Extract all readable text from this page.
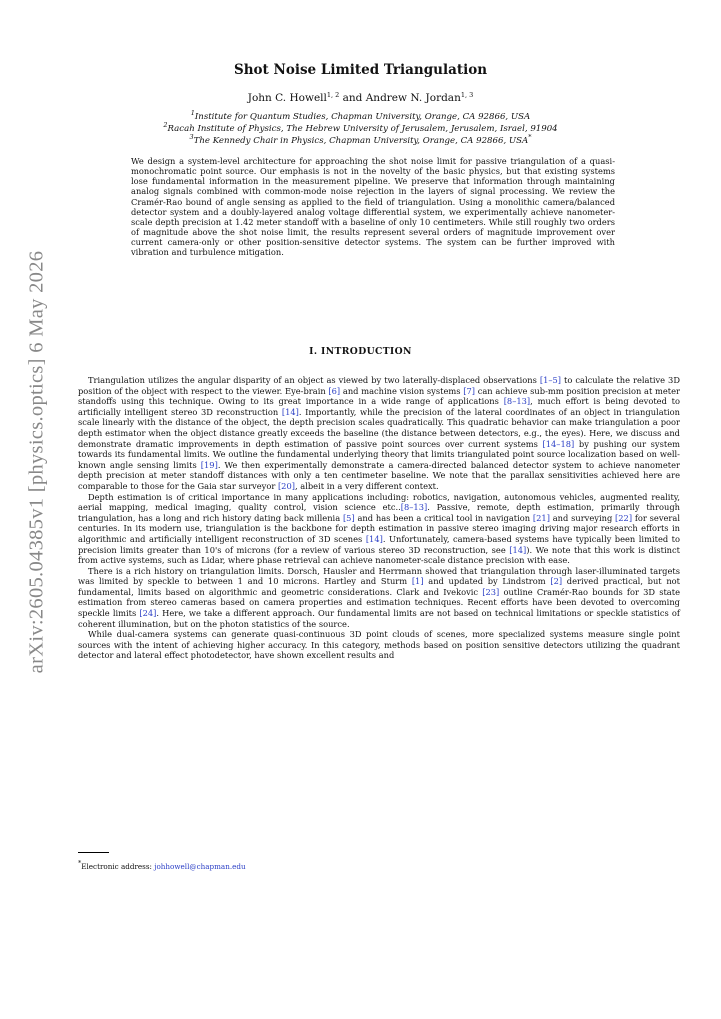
arXiv:2605.04385v1 [physics.optics] 6 May 2026
Shot Noise Limited Triangulation
John C. Howell$^{1, 2}$ and Andrew N. Jordan$^{1, 3}$
$^1$Institute for Quantum Studies, Chapman University, Orange, CA 92866, USA
$^2$Racah Institute of Physics, The Hebrew University of Jerusalem, Jerusalem, Israel, 91904
$^3$The Kennedy Chair in Physics, Chapman University, Orange, CA 92866, USA*
We design a system-level architecture for approaching the shot noise limit for passive triangulation of a quasi-monochromatic point source. Our emphasis is not in the novelty of the basic physics, but that existing systems lose fundamental information in the measurement pipeline. We preserve that information through maintaining analog signals combined with common-mode noise rejection in the layers of signal processing. We review the Cramér-Rao bound of angle sensing as applied to the field of triangulation. Using a monolithic camera/balanced detector system and a doubly-layered analog voltage differential system, we experimentally achieve nanometer-scale depth precision at 1.42 meter standoff with a baseline of only 10 centimeters. While still roughly two orders of magnitude above the shot noise limit, the results represent several orders of magnitude improvement over current camera-only or other position-sensitive detector systems. The system can be further improved with vibration and turbulence mitigation.
I. INTRODUCTION

Triangulation utilizes the angular disparity of an object as viewed by two laterally-displaced observations [1–5] to calculate the relative 3D position of the object with respect to the viewer. Eye-brain [6] and machine vision systems [7] can achieve sub-mm position precision at meter standoffs using this technique. Owing to its great importance in a wide range of applications [8–13], much effort is being devoted to artificially intelligent stereo 3D reconstruction [14]. Importantly, while the precision of the lateral coordinates of an object in triangulation scale linearly with the distance of the object, the depth precision scales quadratically. This quadratic behavior can make triangulation a poor depth estimator when the object distance greatly exceeds the baseline (the distance between detectors, e.g., the eyes). Here, we discuss and demonstrate dramatic improvements in depth estimation of passive point sources over current systems [14–18] by pushing our system towards its fundamental limits. We outline the fundamental underlying theory that limits triangulated point source localization based on well-known angle sensing limits [19]. We then experimentally demonstrate a camera-directed balanced detector system to achieve nanometer depth precision at meter standoff distances with only a ten centimeter baseline. We note that the parallax sensitivities achieved here are comparable to those for the Gaia star surveyor [20], albeit in a very different context.

Depth estimation is of critical importance in many applications including: robotics, navigation, autonomous vehicles, augmented reality, aerial mapping, medical imaging, quality control, vision science etc..[8–13]. Passive, remote, depth estimation, primarily through triangulation, has a long and rich history dating back millenia [5] and has been a critical tool in navigation [21] and surveying [22] for several centuries. In its modern use, triangulation is the backbone for depth estimation in passive stereo imaging driving major research efforts in algorithmic and artificially intelligent reconstruction of 3D scenes [14]. Unfortunately, camera-based systems have typically been limited to precision limits greater than 10's of microns (for a review of various stereo 3D reconstruction, see [14]). We note that this work is distinct from active systems, such as Lidar, where phase retrieval can achieve nanometer-scale distance precision with ease.

There is a rich history on triangulation limits. Dorsch, Hausler and Herrmann showed that triangulation through laser-illuminated targets was limited by speckle to between 1 and 10 microns. Hartley and Sturm [1] and updated by Lindstrom [2] derived practical, but not fundamental, limits based on algorithmic and geometric considerations. Clark and Ivekovic [23] outline Cramér-Rao bounds for 3D state estimation from stereo cameras based on camera properties and estimation techniques. Recent efforts have been devoted to overcoming speckle limits [24]. Here, we take a different approach. Our fundamental limits are not based on technical limitations or speckle statistics of coherent illumination, but on the photon statistics of the source.

While dual-camera systems can generate quasi-continuous 3D point clouds of scenes, more specialized systems measure single point sources with the intent of achieving higher accuracy. In this category, methods based on position sensitive detectors utilizing the quadrant detector and lateral effect photodetector, have shown excellent results and

*Electronic address: johhowell@chapman.edu
